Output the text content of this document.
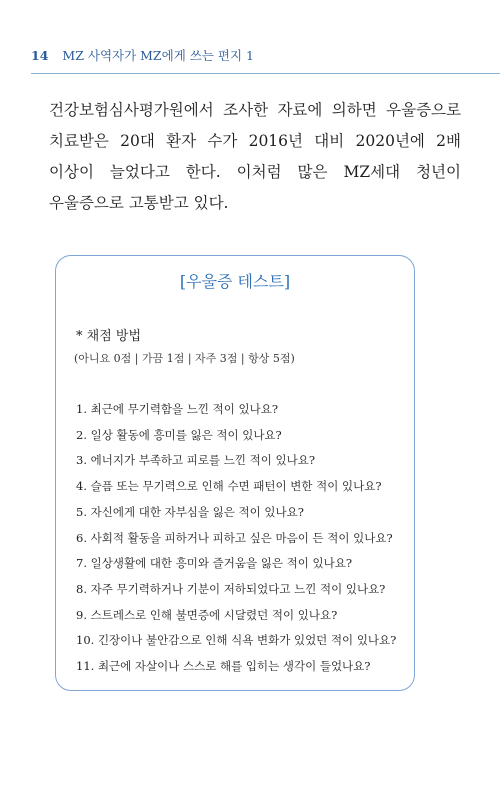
14 MZ 사역자가 MZ에게 쓰는 편지 1

건강보험심사평가원에서 조사한 자료에 의하면 우울증으로 치료받은 20대 환자 수가 2016년 대비 2020년에 2배 이상이 늘었다고 한다. 이처럼 많은 MZ세대 청년이 우울증으로 고통받고 있다.

[우울증 테스트]
* 채점 방법
(아니요 0점 | 가끔 1점 | 자주 3점 | 항상 5점)
1. 최근에 무기력함을 느낀 적이 있나요?
2. 일상 활동에 흥미를 잃은 적이 있나요?
3. 에너지가 부족하고 피로를 느낀 적이 있나요?
4. 슬픔 또는 무기력으로 인해 수면 패턴이 변한 적이 있나요?
5. 자신에게 대한 자부심을 잃은 적이 있나요?
6. 사회적 활동을 피하거나 피하고 싶은 마음이 든 적이 있나요?
7. 일상생활에 대한 흥미와 즐거움을 잃은 적이 있나요?
8. 자주 무기력하거나 기분이 저하되었다고 느낀 적이 있나요?
9. 스트레스로 인해 불면증에 시달렸던 적이 있나요?
10. 긴장이나 불안감으로 인해 식욕 변화가 있었던 적이 있나요?
11. 최근에 자살이나 스스로 해를 입히는 생각이 들었나요?
